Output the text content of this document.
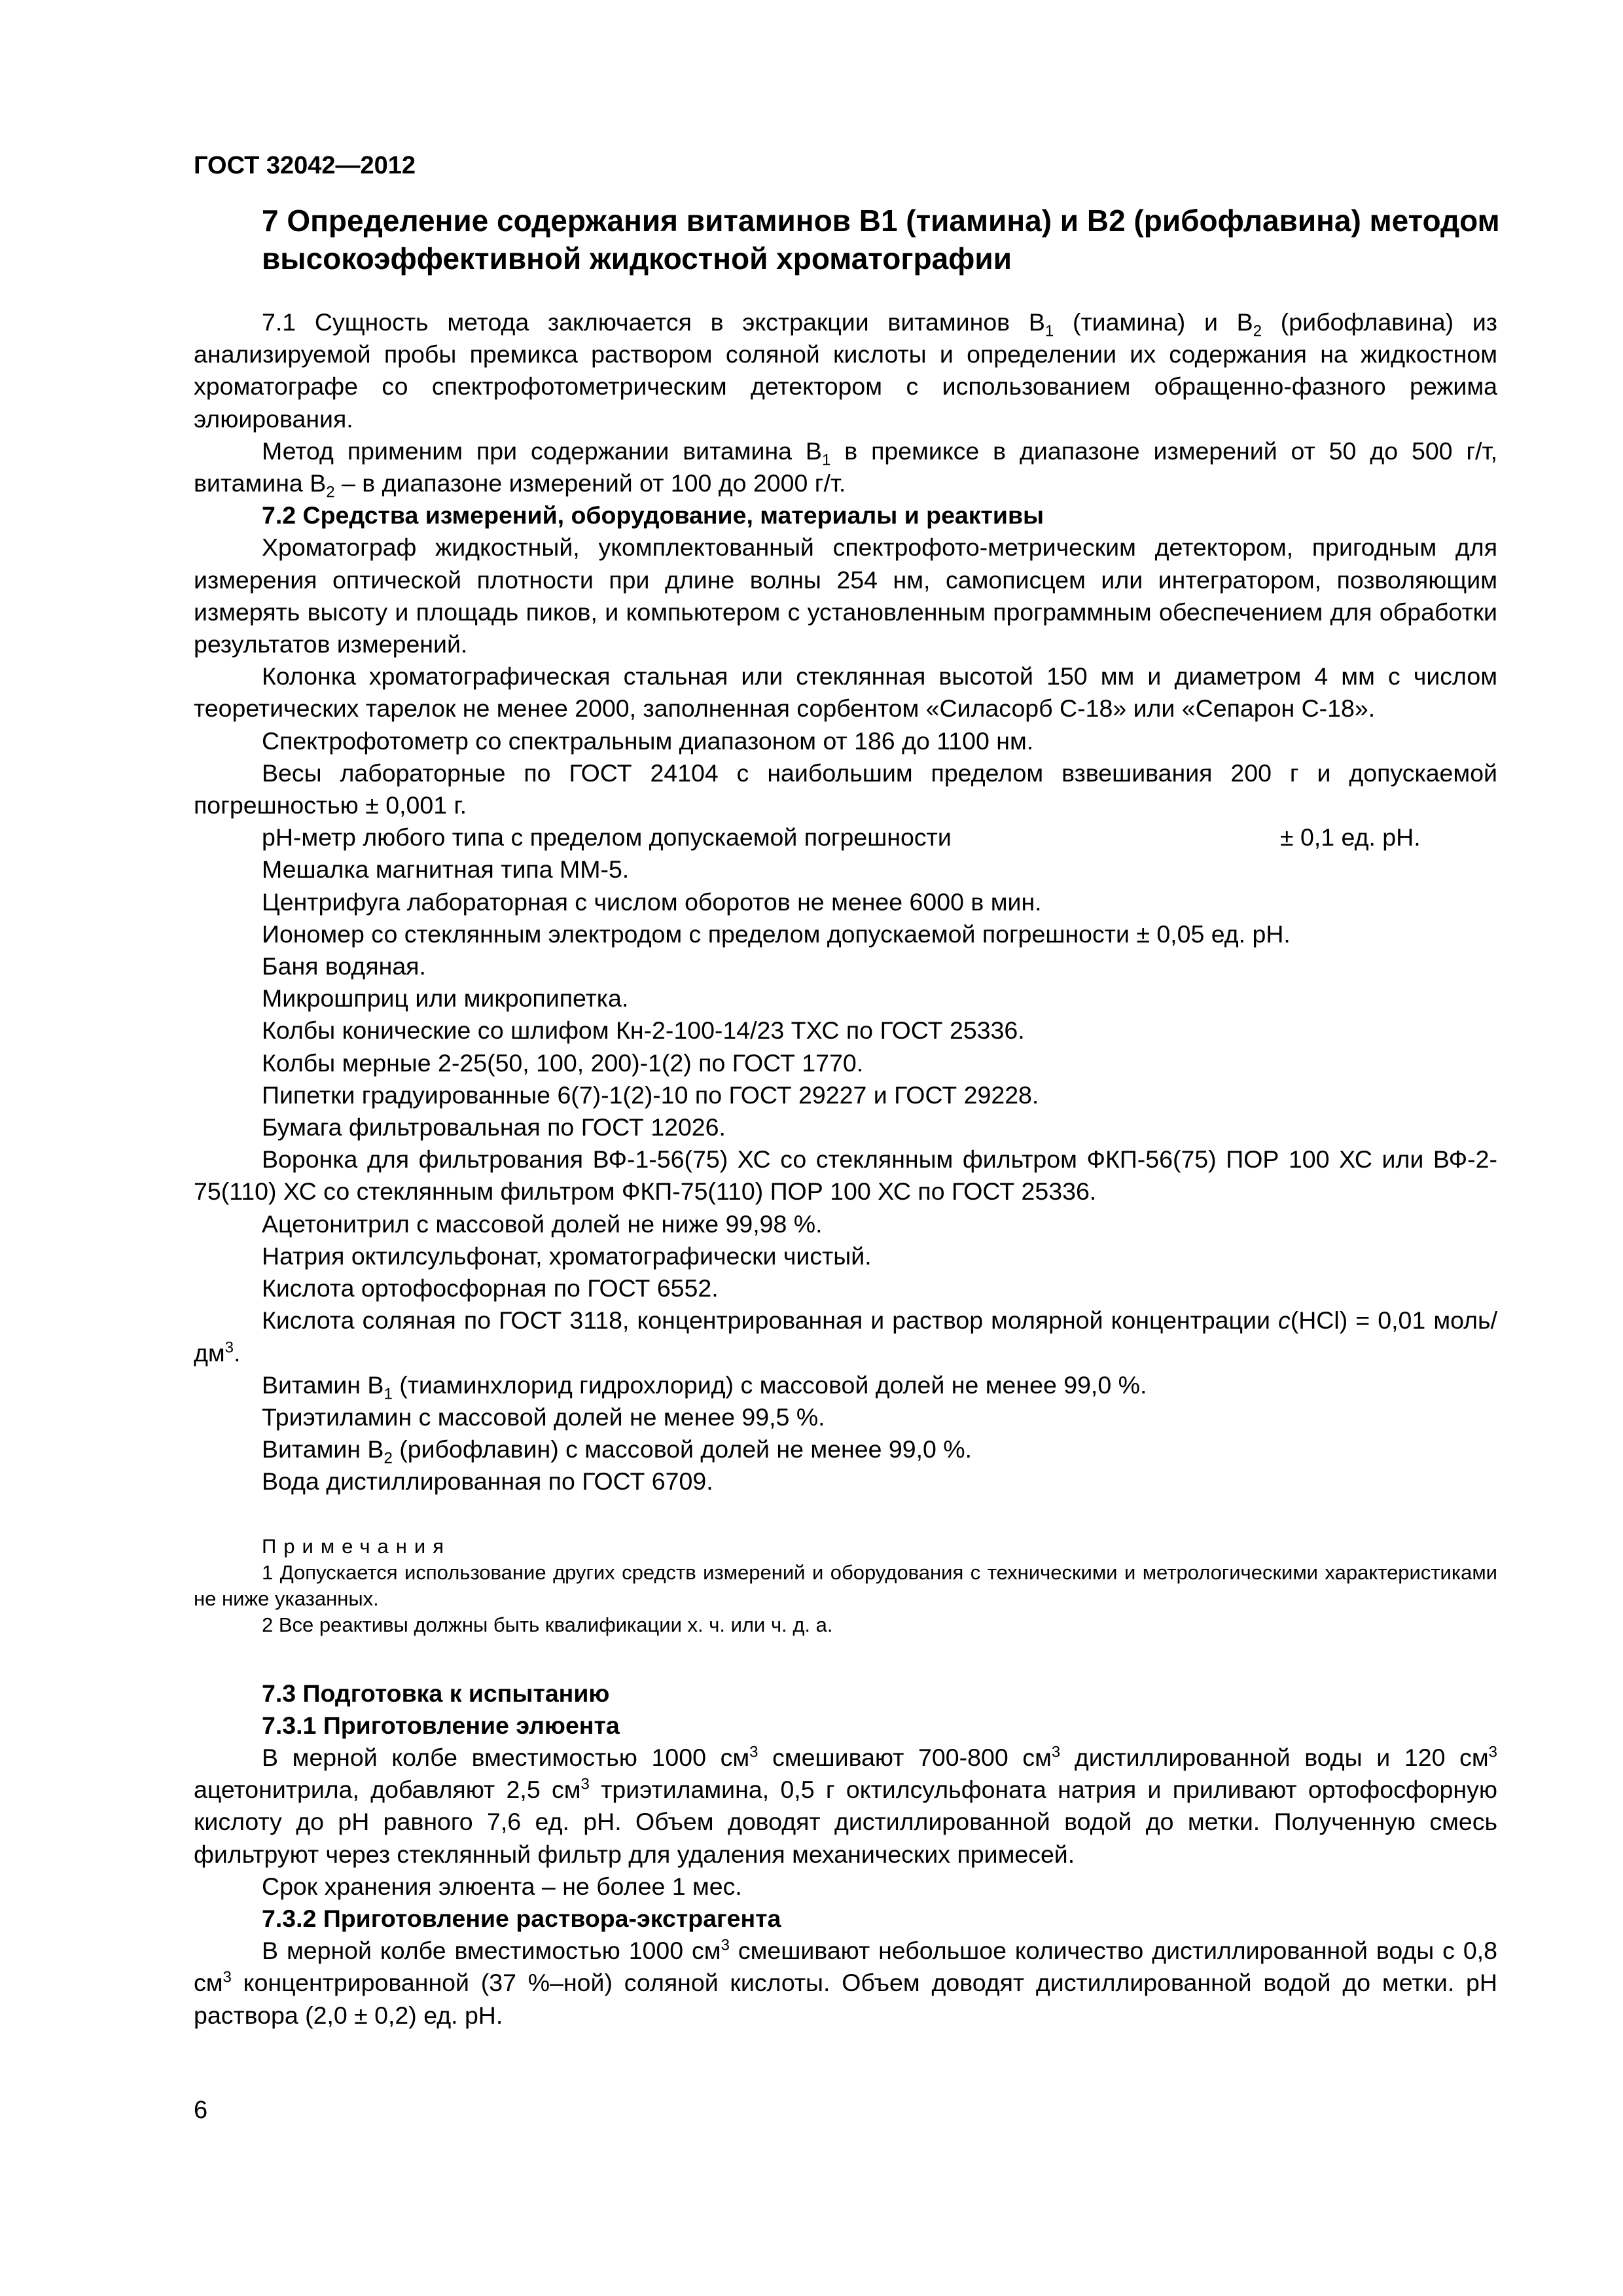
ГОСТ 32042—2012
7 Определение содержания витаминов В1 (тиамина) и В2 (рибофлавина) методом высокоэффективной жидкостной хроматографии

7.1 Сущность метода заключается в экстракции витаминов $В_1$ (тиамина) и $В_2$ (рибофлавина) из анализируемой пробы премикса раствором соляной кислоты и определении их содержания на жидкостном хроматографе со спектрофотометрическим детектором с использованием обращенно-фазного режима элюирования.

Метод применим при содержании витамина $В_1$ в премиксе в диапазоне измерений от 50 до 500 г/т, витамина $В_2$ – в диапазоне измерений от 100 до 2000 г/т.

7.2 Средства измерений, оборудование, материалы и реактивы

Хроматограф жидкостный, укомплектованный спектрофото-метрическим детектором, пригодным для измерения оптической плотности при длине волны 254 нм, самописцем или интегратором, позволяющим измерять высоту и площадь пиков, и компьютером с установленным программным обеспечением для обработки результатов измерений.

Колонка хроматографическая стальная или стеклянная высотой 150 мм и диаметром 4 мм с числом теоретических тарелок не менее 2000, заполненная сорбентом «Силасорб С-18» или «Сепарон С-18».

Спектрофотометр со спектральным диапазоном от 186 до 1100 нм.

Весы лабораторные по ГОСТ 24104 с наибольшим пределом взвешивания 200 г и допускаемой погрешностью ± 0,001 г.

рН-метр любого типа с пределом допускаемой погрешности	± 0,1 ед. рН.

Мешалка магнитная типа ММ-5.

Центрифуга лабораторная с числом оборотов не менее 6000 в мин.

Иономер со стеклянным электродом с пределом допускаемой погрешности ± 0,05 ед. рН.

Баня водяная.

Микрошприц или микропипетка.

Колбы конические со шлифом Кн-2-100-14/23 ТХС по ГОСТ 25336.

Колбы мерные 2-25(50, 100, 200)-1(2) по ГОСТ 1770.

Пипетки градуированные 6(7)-1(2)-10 по ГОСТ 29227 и ГОСТ 29228.

Бумага фильтровальная по ГОСТ 12026.

Воронка для фильтрования ВФ-1-56(75) ХС со стеклянным фильтром ФКП-56(75) ПОР 100 ХС или ВФ-2-75(110) ХС со стеклянным фильтром ФКП-75(110) ПОР 100 ХС по ГОСТ 25336.

Ацетонитрил с массовой долей не ниже 99,98 %.

Натрия октилсульфонат, хроматографически чистый.

Кислота ортофосфорная по ГОСТ 6552.

Кислота соляная по ГОСТ 3118, концентрированная и раствор молярной концентрации с(HCl) = 0,01 моль/$дм^3$.

Витамин $В_1$ (тиаминхлорид гидрохлорид) с массовой долей не менее 99,0 %.

Триэтиламин с массовой долей не менее 99,5 %.

Витамин $В_2$ (рибофлавин) с массовой долей не менее 99,0 %.

Вода дистиллированная по ГОСТ 6709.

Примечания

1 Допускается использование других средств измерений и оборудования с техническими и метрологическими характеристиками не ниже указанных.

2 Все реактивы должны быть квалификации х. ч. или ч. д. а.

7.3 Подготовка к испытанию

7.3.1 Приготовление элюента

В мерной колбе вместимостью 1000 $см^3$ смешивают 700-800 $см^3$ дистиллированной воды и 120 $см^3$ ацетонитрила, добавляют 2,5 $см^3$ триэтиламина, 0,5 г октилсульфоната натрия и приливают ортофосфорную кислоту до рН равного 7,6 ед. рН. Объем доводят дистиллированной водой до метки. Полученную смесь фильтруют через стеклянный фильтр для удаления механических примесей.

Срок хранения элюента – не более 1 мес.

7.3.2 Приготовление раствора-экстрагента

В мерной колбе вместимостью 1000 $см^3$ смешивают небольшое количество дистиллированной воды с 0,8 $см^3$ концентрированной (37 %–ной) соляной кислоты. Объем доводят дистиллированной водой до метки. рН раствора (2,0 ± 0,2) ед. рН.

6
